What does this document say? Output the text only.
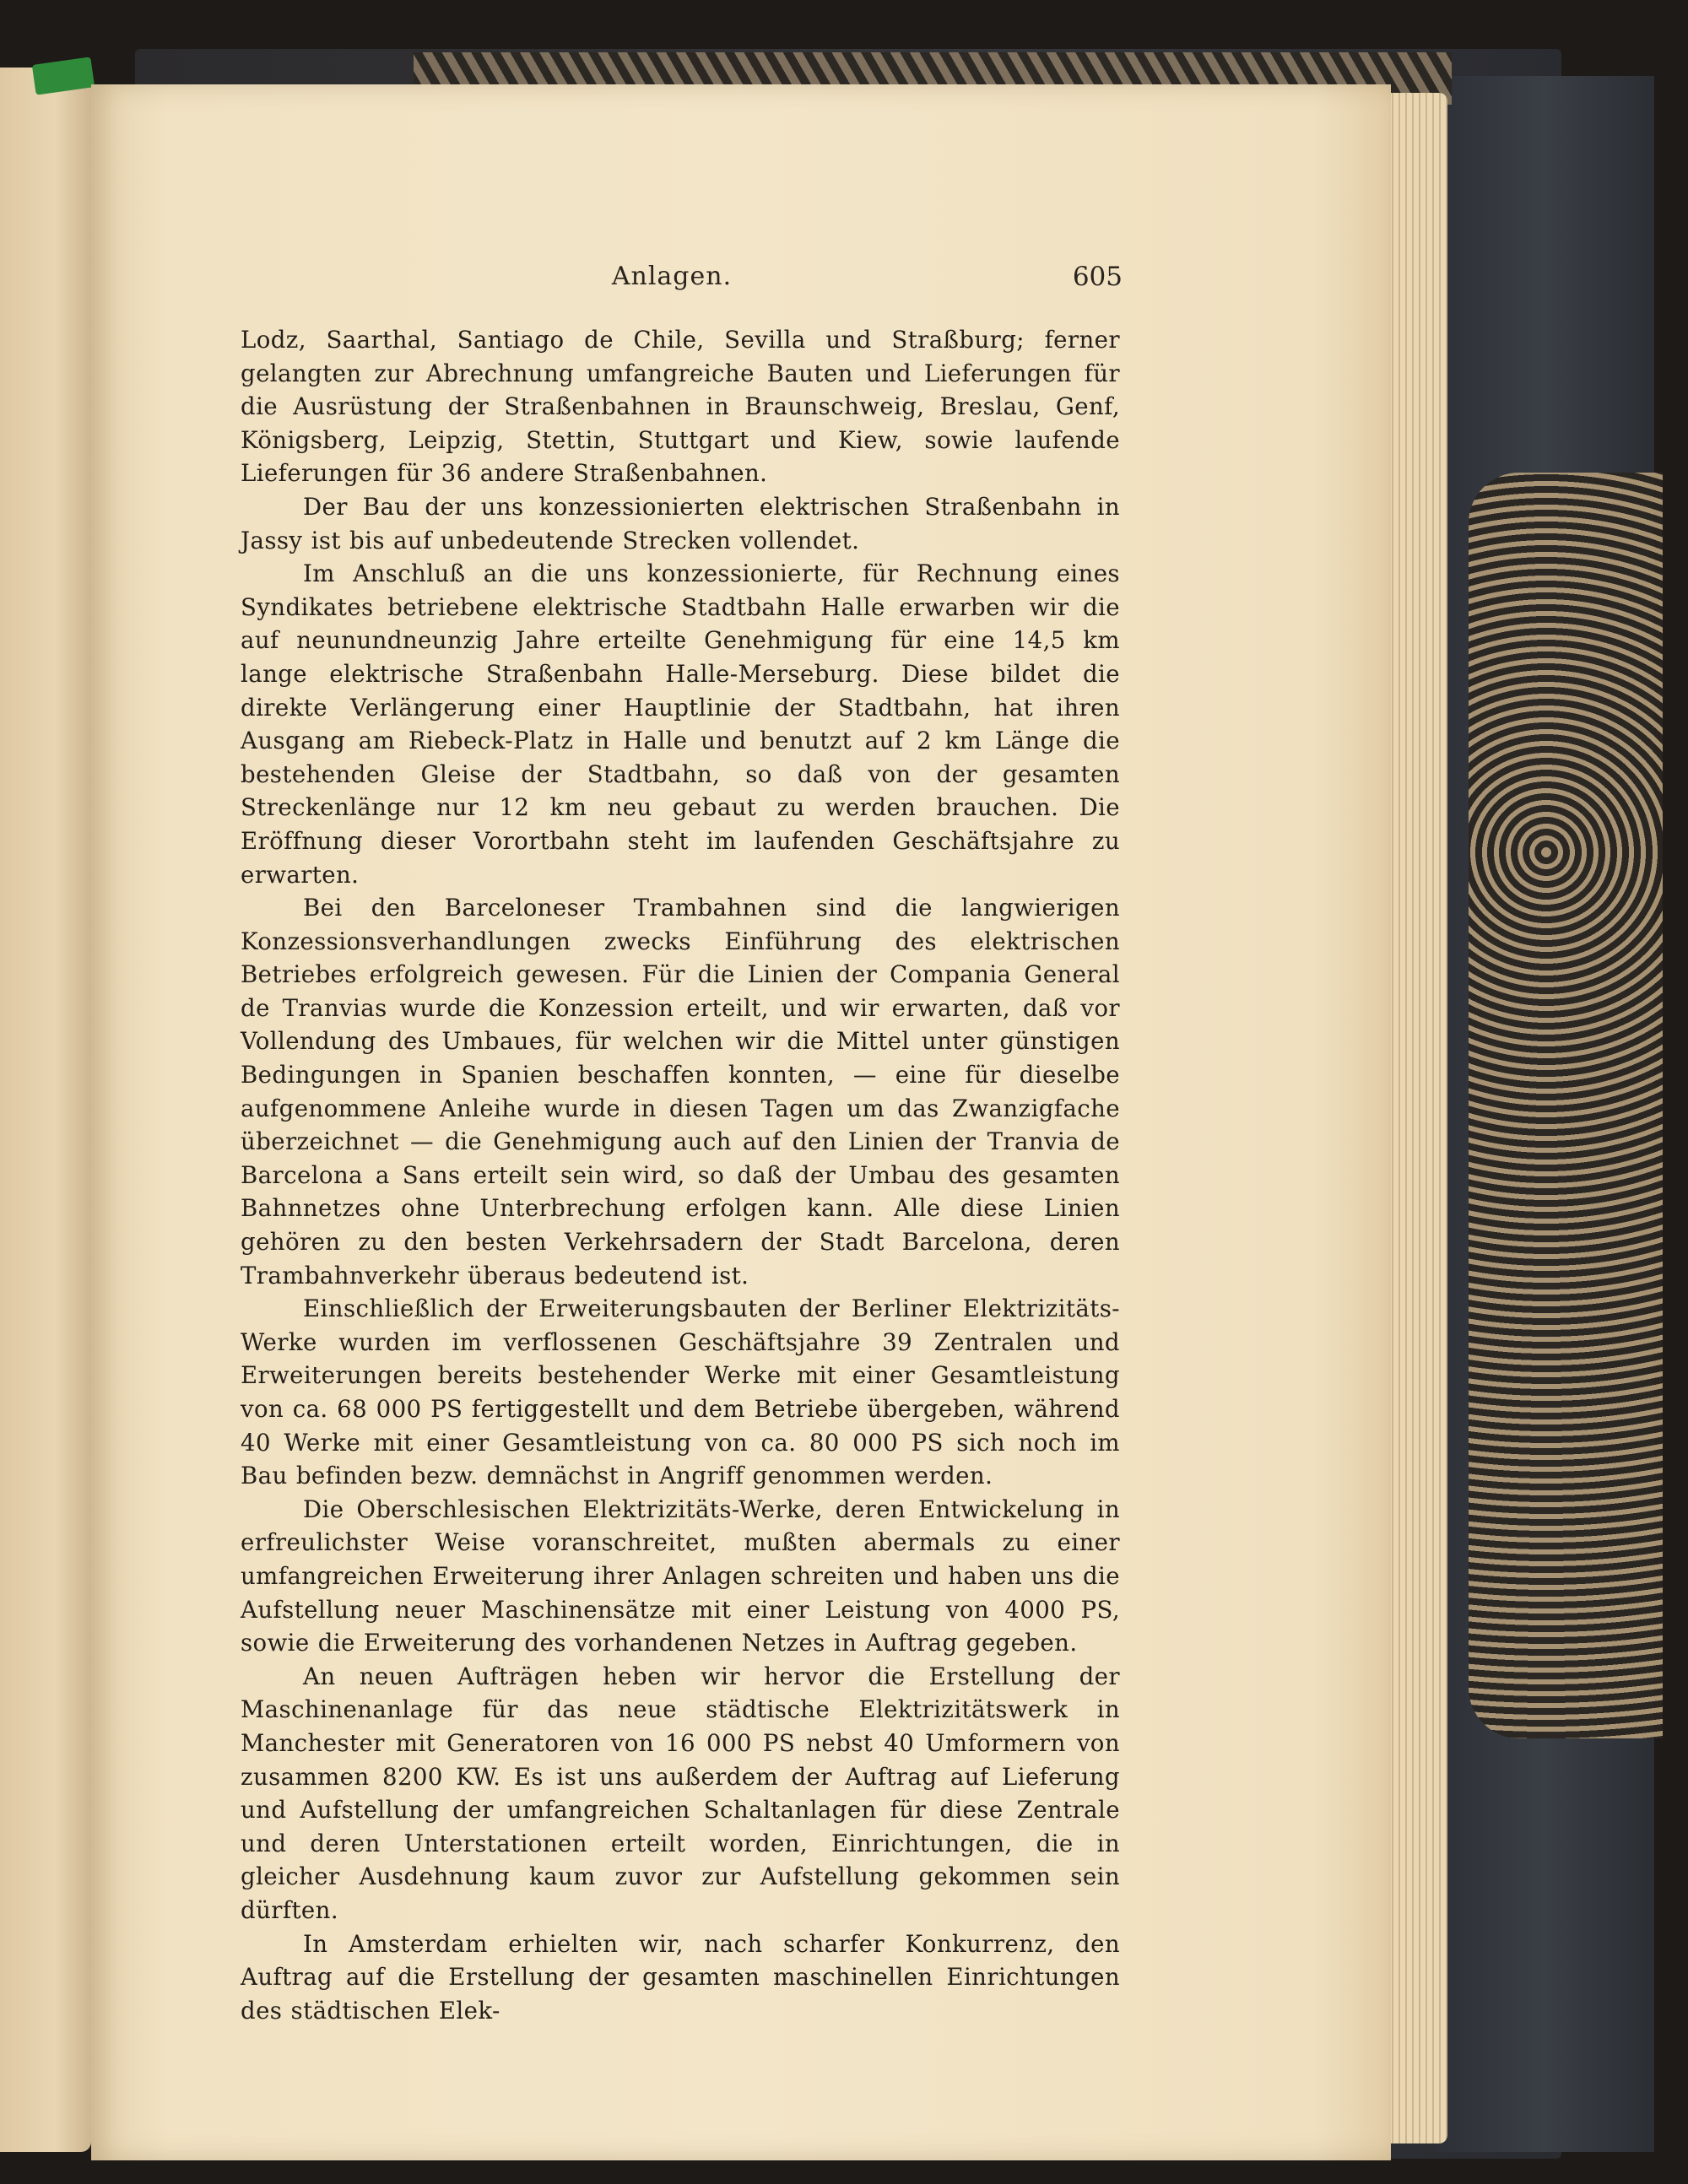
Anlagen.	605

Lodz, Saarthal, Santiago de Chile, Sevilla und Straßburg; ferner gelangten zur Abrechnung umfangreiche Bauten und Lieferungen für die Ausrüstung der Straßenbahnen in Braunschweig, Breslau, Genf, Königsberg, Leipzig, Stettin, Stuttgart und Kiew, sowie laufende Lieferungen für 36 andere Straßenbahnen.

Der Bau der uns konzessionierten elektrischen Straßenbahn in Jassy ist bis auf unbedeutende Strecken vollendet.

Im Anschluß an die uns konzessionierte, für Rechnung eines Syndikates betriebene elektrische Stadtbahn Halle erwarben wir die auf neunundneunzig Jahre erteilte Genehmigung für eine 14,5 km lange elektrische Straßenbahn Halle-Merseburg. Diese bildet die direkte Verlängerung einer Hauptlinie der Stadtbahn, hat ihren Ausgang am Riebeck-Platz in Halle und benutzt auf 2 km Länge die bestehenden Gleise der Stadtbahn, so daß von der gesamten Streckenlänge nur 12 km neu gebaut zu werden brauchen. Die Eröffnung dieser Vorortbahn steht im laufenden Geschäftsjahre zu erwarten.

Bei den Barceloneser Trambahnen sind die langwierigen Konzessionsverhandlungen zwecks Einführung des elektrischen Betriebes erfolgreich gewesen. Für die Linien der Compania General de Tranvias wurde die Konzession erteilt, und wir erwarten, daß vor Vollendung des Umbaues, für welchen wir die Mittel unter günstigen Bedingungen in Spanien beschaffen konnten, — eine für dieselbe aufgenommene Anleihe wurde in diesen Tagen um das Zwanzigfache überzeichnet — die Genehmigung auch auf den Linien der Tranvia de Barcelona a Sans erteilt sein wird, so daß der Umbau des gesamten Bahnnetzes ohne Unterbrechung erfolgen kann. Alle diese Linien gehören zu den besten Verkehrsadern der Stadt Barcelona, deren Trambahnverkehr überaus bedeutend ist.

Einschließlich der Erweiterungsbauten der Berliner Elektrizitäts-Werke wurden im verflossenen Geschäftsjahre 39 Zentralen und Erweiterungen bereits bestehender Werke mit einer Gesamtleistung von ca. 68 000 PS fertiggestellt und dem Betriebe übergeben, während 40 Werke mit einer Gesamtleistung von ca. 80 000 PS sich noch im Bau befinden bezw. demnächst in Angriff genommen werden.

Die Oberschlesischen Elektrizitäts-Werke, deren Entwickelung in erfreulichster Weise voranschreitet, mußten abermals zu einer umfangreichen Erweiterung ihrer Anlagen schreiten und haben uns die Aufstellung neuer Maschinensätze mit einer Leistung von 4000 PS, sowie die Erweiterung des vorhandenen Netzes in Auftrag gegeben.

An neuen Aufträgen heben wir hervor die Erstellung der Maschinenanlage für das neue städtische Elektrizitätswerk in Manchester mit Generatoren von 16 000 PS nebst 40 Umformern von zusammen 8200 KW. Es ist uns außerdem der Auftrag auf Lieferung und Aufstellung der umfangreichen Schaltanlagen für diese Zentrale und deren Unterstationen erteilt worden, Einrichtungen, die in gleicher Ausdehnung kaum zuvor zur Aufstellung gekommen sein dürften.

In Amsterdam erhielten wir, nach scharfer Konkurrenz, den Auftrag auf die Erstellung der gesamten maschinellen Einrichtungen des städtischen Elek-
